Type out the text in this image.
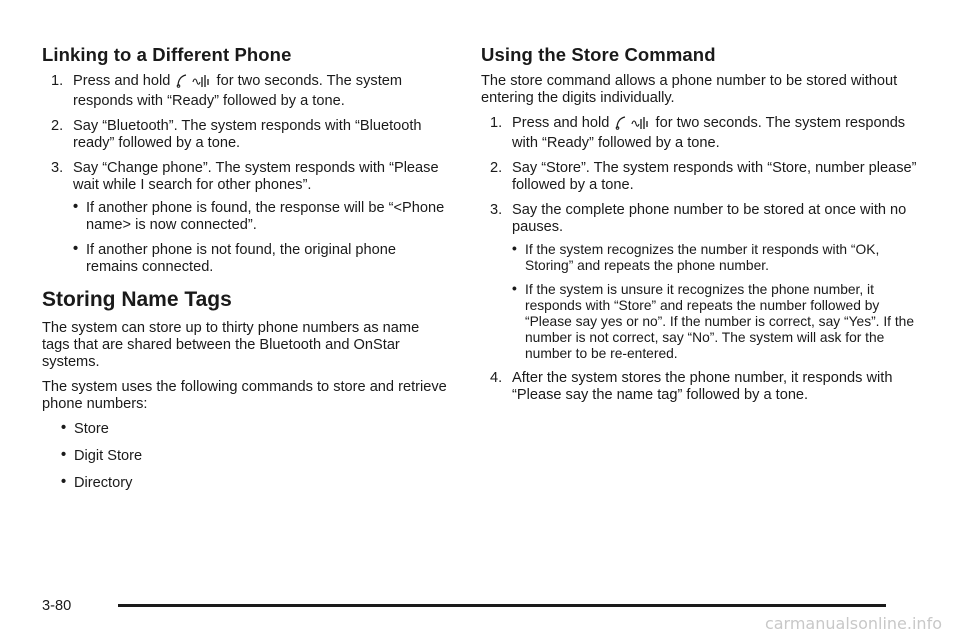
Linking to a Different Phone
1. Press and hold	for two seconds. The system responds with “Ready” followed by a tone.
2. Say “Bluetooth”. The system responds with “Bluetooth ready” followed by a tone.
3. Say “Change phone”. The system responds with “Please wait while I search for other phones”.
• If another phone is found, the response will be “<Phone name> is now connected”.
• If another phone is not found, the original phone remains connected.
Storing Name Tags

The system can store up to thirty phone numbers as name tags that are shared between the Bluetooth and OnStar systems.

The system uses the following commands to store and retrieve phone numbers:

• Store
• Digit Store
• Directory
Using the Store Command

The store command allows a phone number to be stored without entering the digits individually.

1. Press and hold	for two seconds. The system responds with “Ready” followed by a tone.
2. Say “Store”. The system responds with “Store, number please” followed by a tone.
3. Say the complete phone number to be stored at once with no pauses.
• If the system recognizes the number it responds with “OK, Storing” and repeats the phone number.
• If the system is unsure it recognizes the phone number, it responds with “Store” and repeats the number followed by “Please say yes or no”. If the number is correct, say “Yes”. If the number is not correct, say “No”. The system will ask for the number to be re-entered.
4. After the system stores the phone number, it responds with “Please say the name tag” followed by a tone.
3-80
carmanualsonline.info
